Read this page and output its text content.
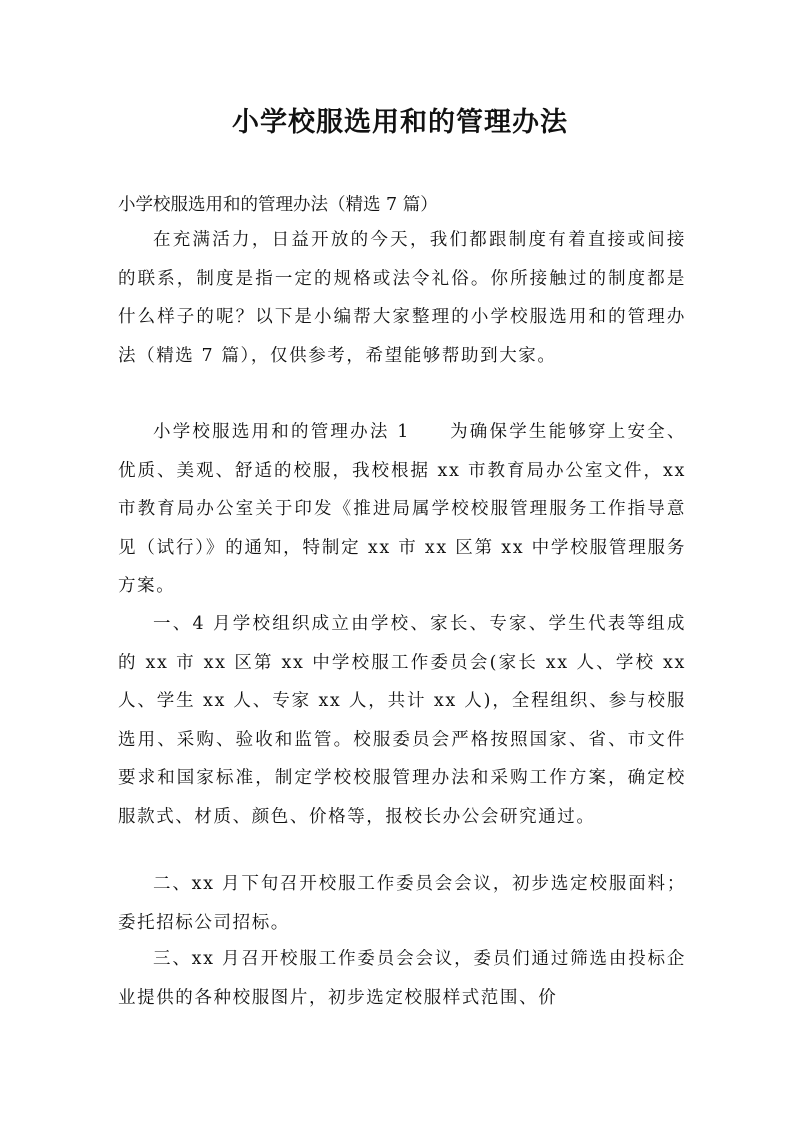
小学校服选用和的管理办法
小学校服选用和的管理办法（精选 7 篇）

在充满活力，日益开放的今天，我们都跟制度有着直接或间接的联系，制度是指一定的规格或法令礼俗。你所接触过的制度都是什么样子的呢？以下是小编帮大家整理的小学校服选用和的管理办法（精选 7 篇），仅供参考，希望能够帮助到大家。

小学校服选用和的管理办法 1　　为确保学生能够穿上安全、优质、美观、舒适的校服，我校根据 xx 市教育局办公室文件，xx 市教育局办公室关于印发《推进局属学校校服管理服务工作指导意见（试行）》的通知，特制定 xx 市 xx 区第 xx 中学校服管理服务方案。

一、4 月学校组织成立由学校、家长、专家、学生代表等组成的 xx 市 xx 区第 xx 中学校服工作委员会(家长 xx 人、学校 xx 人、学生 xx 人、专家 xx 人，共计 xx 人)，全程组织、参与校服选用、采购、验收和监管。校服委员会严格按照国家、省、市文件要求和国家标准，制定学校校服管理办法和采购工作方案，确定校服款式、材质、颜色、价格等，报校长办公会研究通过。

二、xx 月下旬召开校服工作委员会会议，初步选定校服面料；委托招标公司招标。

三、xx 月召开校服工作委员会会议，委员们通过筛选由投标企业提供的各种校服图片，初步选定校服样式范围、价
